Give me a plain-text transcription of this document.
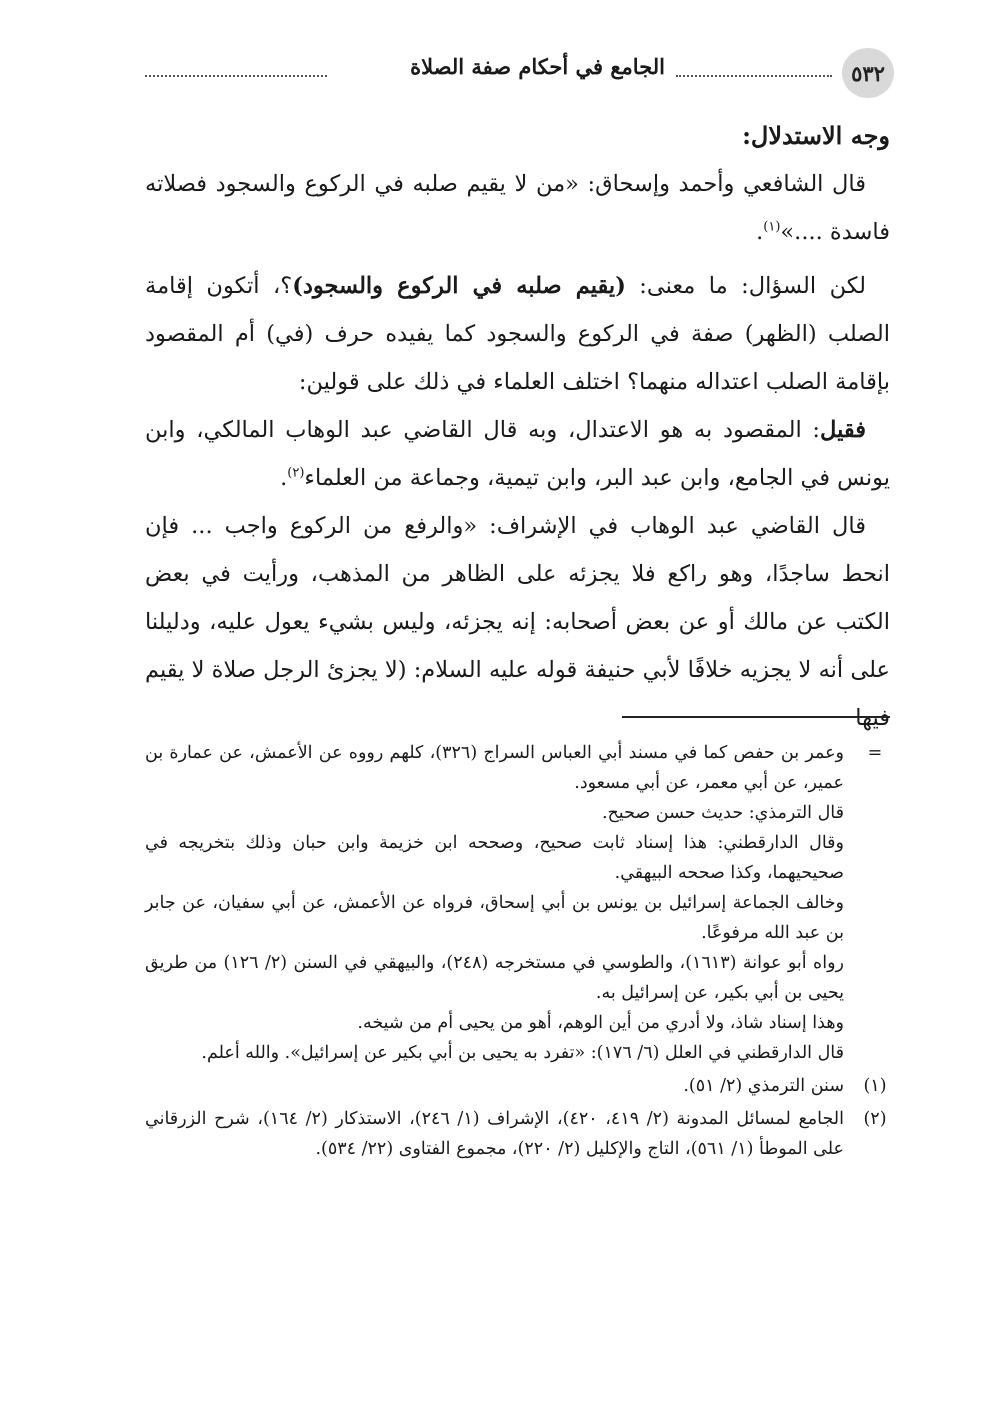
٥٣٢
الجامع في أحكام صفة الصلاة

وجه الاستدلال:

قال الشافعي وأحمد وإسحاق: «من لا يقيم صلبه في الركوع والسجود فصلاته فاسدة ....»$^{(١)}$.

لكن السؤال: ما معنى: (يقيم صلبه في الركوع والسجود)؟، أتكون إقامة الصلب (الظهر) صفة في الركوع والسجود كما يفيده حرف (في) أم المقصود بإقامة الصلب اعتداله منهما؟ اختلف العلماء في ذلك على قولين:

فقيل: المقصود به هو الاعتدال، وبه قال القاضي عبد الوهاب المالكي، وابن يونس في الجامع، وابن عبد البر، وابن تيمية، وجماعة من العلماء$^{(٢)}$.

قال القاضي عبد الوهاب في الإشراف: «والرفع من الركوع واجب ... فإن انحط ساجدًا، وهو راكع فلا يجزئه على الظاهر من المذهب، ورأيت في بعض الكتب عن مالك أو عن بعض أصحابه: إنه يجزئه، وليس بشيء يعول عليه، ودليلنا على أنه لا يجزيه خلافًا لأبي حنيفة قوله عليه السلام: (لا يجزئ الرجل صلاة لا يقيم فيها

=

وعمر بن حفص كما في مسند أبي العباس السراج (٣٢٦)، كلهم رووه عن الأعمش، عن عمارة بن عمير، عن أبي معمر، عن أبي مسعود.

قال الترمذي: حديث حسن صحيح.

وقال الدارقطني: هذا إسناد ثابت صحيح، وصححه ابن خزيمة وابن حبان وذلك بتخريجه في صحيحيهما، وكذا صححه البيهقي.

وخالف الجماعة إسرائيل بن يونس بن أبي إسحاق، فرواه عن الأعمش، عن أبي سفيان، عن جابر بن عبد الله مرفوعًا.

رواه أبو عوانة (١٦١٣)، والطوسي في مستخرجه (٢٤٨)، والبيهقي في السنن (٢/ ١٢٦) من طريق يحيى بن أبي بكير، عن إسرائيل به.

وهذا إسناد شاذ، ولا أدري من أين الوهم، أهو من يحيى أم من شيخه.

قال الدارقطني في العلل (٦/ ١٧٦): «تفرد به يحيى بن أبي بكير عن إسرائيل». والله أعلم.

(١)
سنن الترمذي (٢/ ٥١).
(٢)
الجامع لمسائل المدونة (٢/ ٤١٩، ٤٢٠)، الإشراف (١/ ٢٤٦)، الاستذكار (٢/ ١٦٤)، شرح الزرقاني على الموطأ (١/ ٥٦١)، التاج والإكليل (٢/ ٢٢٠)، مجموع الفتاوى (٢٢/ ٥٣٤).
